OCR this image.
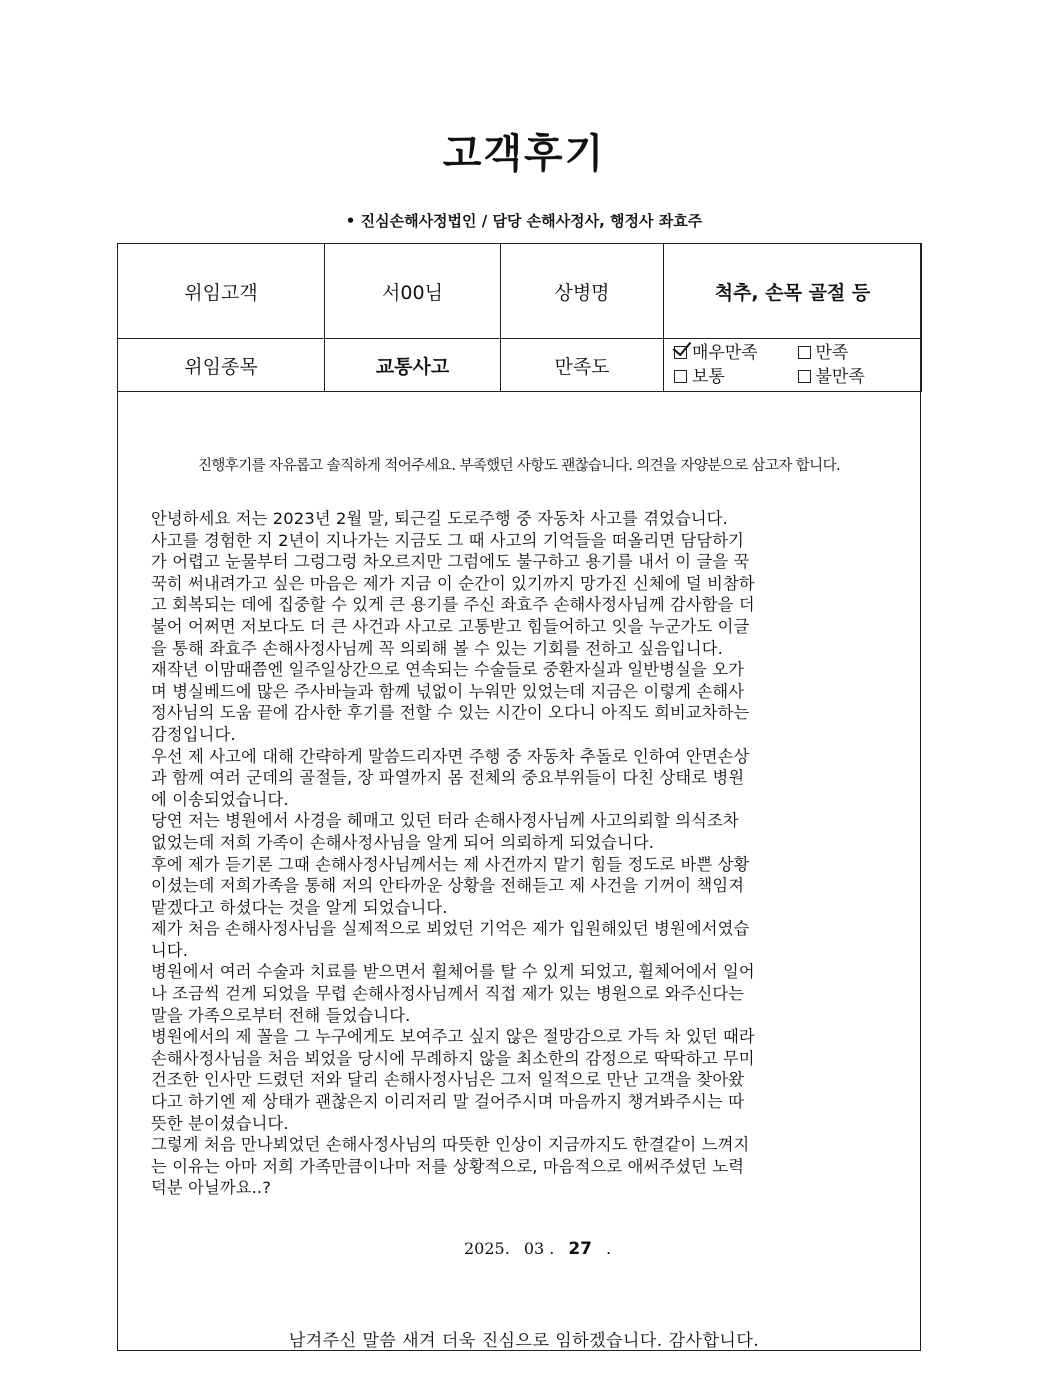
고객후기
• 진심손해사정법인 / 담당 손해사정사, 행정사 좌효주
위임고객	서00님	상병명	척추, 손목 골절 등
위임종목	교통사고	만족도	매우만족 만족
보통 불만족
진행후기를 자유롭고 솔직하게 적어주세요. 부족했던 사항도 괜찮습니다. 의견을 자양분으로 삼고자 합니다.
안녕하세요 저는 2023년 2월 말, 퇴근길 도로주행 중 자동차 사고를 겪었습니다.
사고를 경험한 지 2년이 지나가는 지금도 그 때 사고의 기억들을 떠올리면 담담하기
가 어렵고 눈물부터 그렁그렁 차오르지만 그럼에도 불구하고 용기를 내서 이 글을 꾹
꾹히 써내려가고 싶은 마음은 제가 지금 이 순간이 있기까지 망가진 신체에 덜 비참하
고 회복되는 데에 집중할 수 있게 큰 용기를 주신 좌효주 손해사정사님께 감사함을 더
불어 어쩌면 저보다도 더 큰 사건과 사고로 고통받고 힘들어하고 잇을 누군가도 이글
을 통해 좌효주 손해사정사님께 꼭 의뢰해 볼 수 있는 기회를 전하고 싶음입니다.
재작년 이맘때쯤엔 일주일상간으로 연속되는 수술들로 중환자실과 일반병실을 오가
며 병실베드에 많은 주사바늘과 함께 넋없이 누워만 있었는데 지금은 이렇게 손해사
정사님의 도움 끝에 감사한 후기를 전할 수 있는 시간이 오다니 아직도 희비교차하는
감정입니다.
우선 제 사고에 대해 간략하게 말씀드리자면 주행 중 자동차 추돌로 인하여 안면손상
과 함께 여러 군데의 골절들, 장 파열까지 몸 전체의 중요부위들이 다친 상태로 병원
에 이송되었습니다.
당연 저는 병원에서 사경을 헤매고 있던 터라 손해사정사님께 사고의뢰할 의식조차
없었는데 저희 가족이 손해사정사님을 알게 되어 의뢰하게 되었습니다.
후에 제가 듣기론 그때 손해사정사님께서는 제 사건까지 맡기 힘들 정도로 바쁜 상황
이셨는데 저희가족을 통해 저의 안타까운 상황을 전해듣고 제 사건을 기꺼이 책임져
맡겠다고 하셨다는 것을 알게 되었습니다.
제가 처음 손해사정사님을 실제적으로 뵈었던 기억은 제가 입원해있던 병원에서였습
니다.
병원에서 여러 수술과 치료를 받으면서 휠체어를 탈 수 있게 되었고, 휠체어에서 일어
나 조금씩 걷게 되었을 무렵 손해사정사님께서 직접 제가 있는 병원으로 와주신다는
말을 가족으로부터 전해 들었습니다.
병원에서의 제 꼴을 그 누구에게도 보여주고 싶지 않은 절망감으로 가득 차 있던 때라
손해사정사님을 처음 뵈었을 당시에 무례하지 않을 최소한의 감정으로 딱딱하고 무미
건조한 인사만 드렸던 저와 달리 손해사정사님은 그저 일적으로 만난 고객을 찾아왔
다고 하기엔 제 상태가 괜찮은지 이리저리 말 걸어주시며 마음까지 챙겨봐주시는 따
뜻한 분이셨습니다.
그렇게 처음 만나뵈었던 손해사정사님의 따뜻한 인상이 지금까지도 한결같이 느껴지
는 이유는 아마 저희 가족만큼이나마 저를 상황적으로, 마음적으로 애써주셨던 노력
덕분 아닐까요..?
2025. 03 . 27 .
남겨주신 말씀 새겨 더욱 진심으로 임하겠습니다. 감사합니다.
